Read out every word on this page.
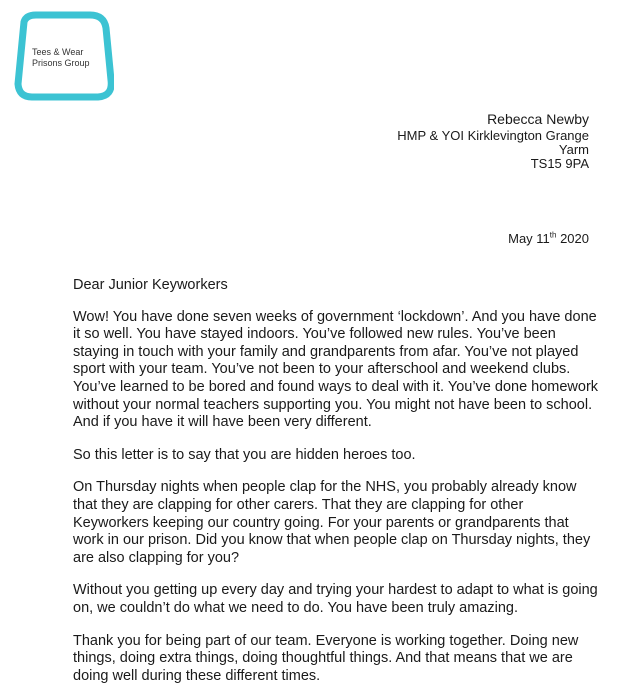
Tees & Wear
Prisons Group
Rebecca Newby
HMP & YOI Kirklevington Grange
Yarm
TS15 9PA
May 11th 2020

Dear Junior Keyworkers

Wow! You have done seven weeks of government ‘lockdown’. And you have done it so well. You have stayed indoors. You’ve followed new rules. You’ve been staying in touch with your family and grandparents from afar. You’ve not played sport with your team. You’ve not been to your afterschool and weekend clubs. You’ve learned to be bored and found ways to deal with it. You’ve done homework without your normal teachers supporting you. You might not have been to school. And if you have it will have been very different.

So this letter is to say that you are hidden heroes too.

On Thursday nights when people clap for the NHS, you probably already know that they are clapping for other carers. That they are clapping for other Keyworkers keeping our country going. For your parents or grandparents that work in our prison. Did you know that when people clap on Thursday nights, they are also clapping for you?

Without you getting up every day and trying your hardest to adapt to what is going on, we couldn’t do what we need to do. You have been truly amazing.

Thank you for being part of our team. Everyone is working together. Doing new things, doing extra things, doing thoughtful things. And that means that we are doing well during these different times.
